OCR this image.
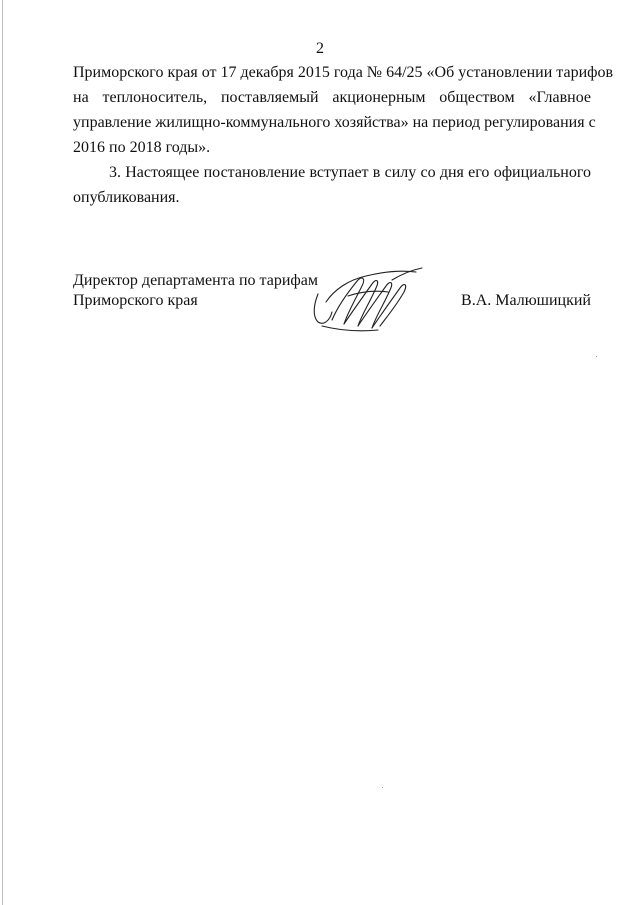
2
Приморского края от 17 декабря 2015 года № 64/25 «Об установлении тарифов
на теплоноситель, поставляемый акционерным обществом «Главное
управление жилищно-коммунального хозяйства» на период регулирования с
2016 по 2018 годы».
3. Настоящее постановление вступает в силу со дня его официального
опубликования.
Директор департамента по тарифам
Приморского края	В.А. Малюшицкий
